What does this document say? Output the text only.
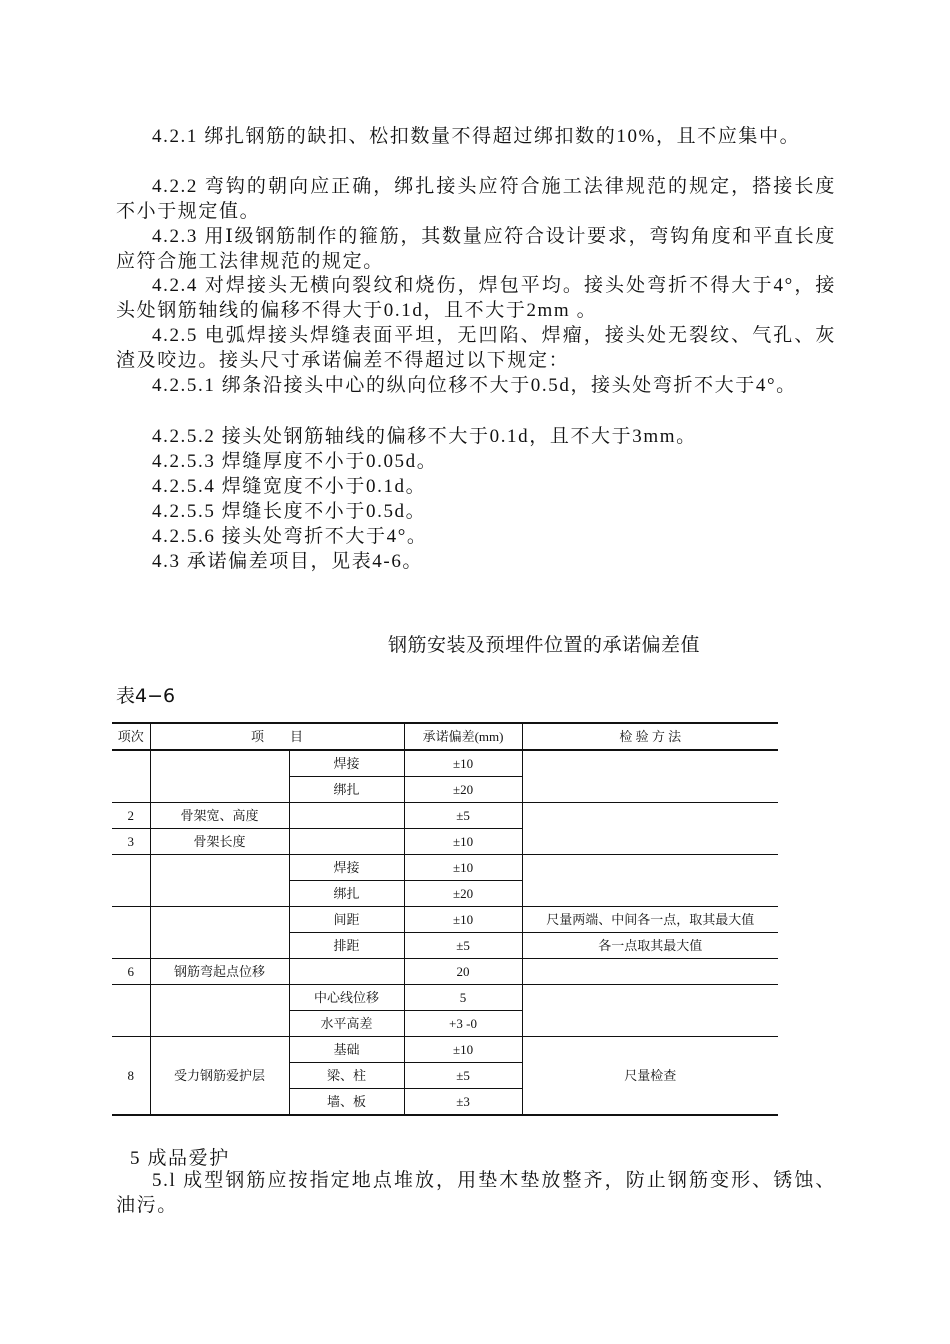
4.2.1 绑扎钢筋的缺扣、松扣数量不得超过绑扣数的10%，且不应集中。

4.2.2 弯钩的朝向应正确，绑扎接头应符合施工法律规范的规定，搭接长度不小于规定值。

4.2.3 用Ⅰ级钢筋制作的箍筋，其数量应符合设计要求，弯钩角度和平直长度应符合施工法律规范的规定。

4.2.4 对焊接头无横向裂纹和烧伤，焊包平均。接头处弯折不得大于4°，接头处钢筋轴线的偏移不得大于0.1d，且不大于2mm 。

4.2.5 电弧焊接头焊缝表面平坦，无凹陷、焊瘤，接头处无裂纹、气孔、灰渣及咬边。接头尺寸承诺偏差不得超过以下规定：

4.2.5.1 绑条沿接头中心的纵向位移不大于0.5d，接头处弯折不大于4°。

4.2.5.2 接头处钢筋轴线的偏移不大于0.1d，且不大于3mm。

4.2.5.3 焊缝厚度不小于0.05d。

4.2.5.4 焊缝宽度不小于0.1d。

4.2.5.5 焊缝长度不小于0.5d。

4.2.5.6 接头处弯折不大于4°。

4.3 承诺偏差项目，见表4-6。

钢筋安装及预埋件位置的承诺偏差值
表4−6
项次	项　　目		承诺偏差(mm)	检 验 方 法
		焊接	±10	
		绑扎	±20	
2	骨架宽、高度		±5	
3	骨架长度		±10	
		焊接	±10	
		绑扎	±20	
		间距	±10	尺量两端、中间各一点，取其最大值
		排距	±5	各一点取其最大值
6	钢筋弯起点位移		20	
		中心线位移	5	
		水平高差	+3 -0	
8	受力钢筋爱护层	基础	±10	尺量检查
		梁、柱	±5	
		墙、板	±3	
5 成品爱护

5.l 成型钢筋应按指定地点堆放，用垫木垫放整齐，防止钢筋变形、锈蚀、油污。
